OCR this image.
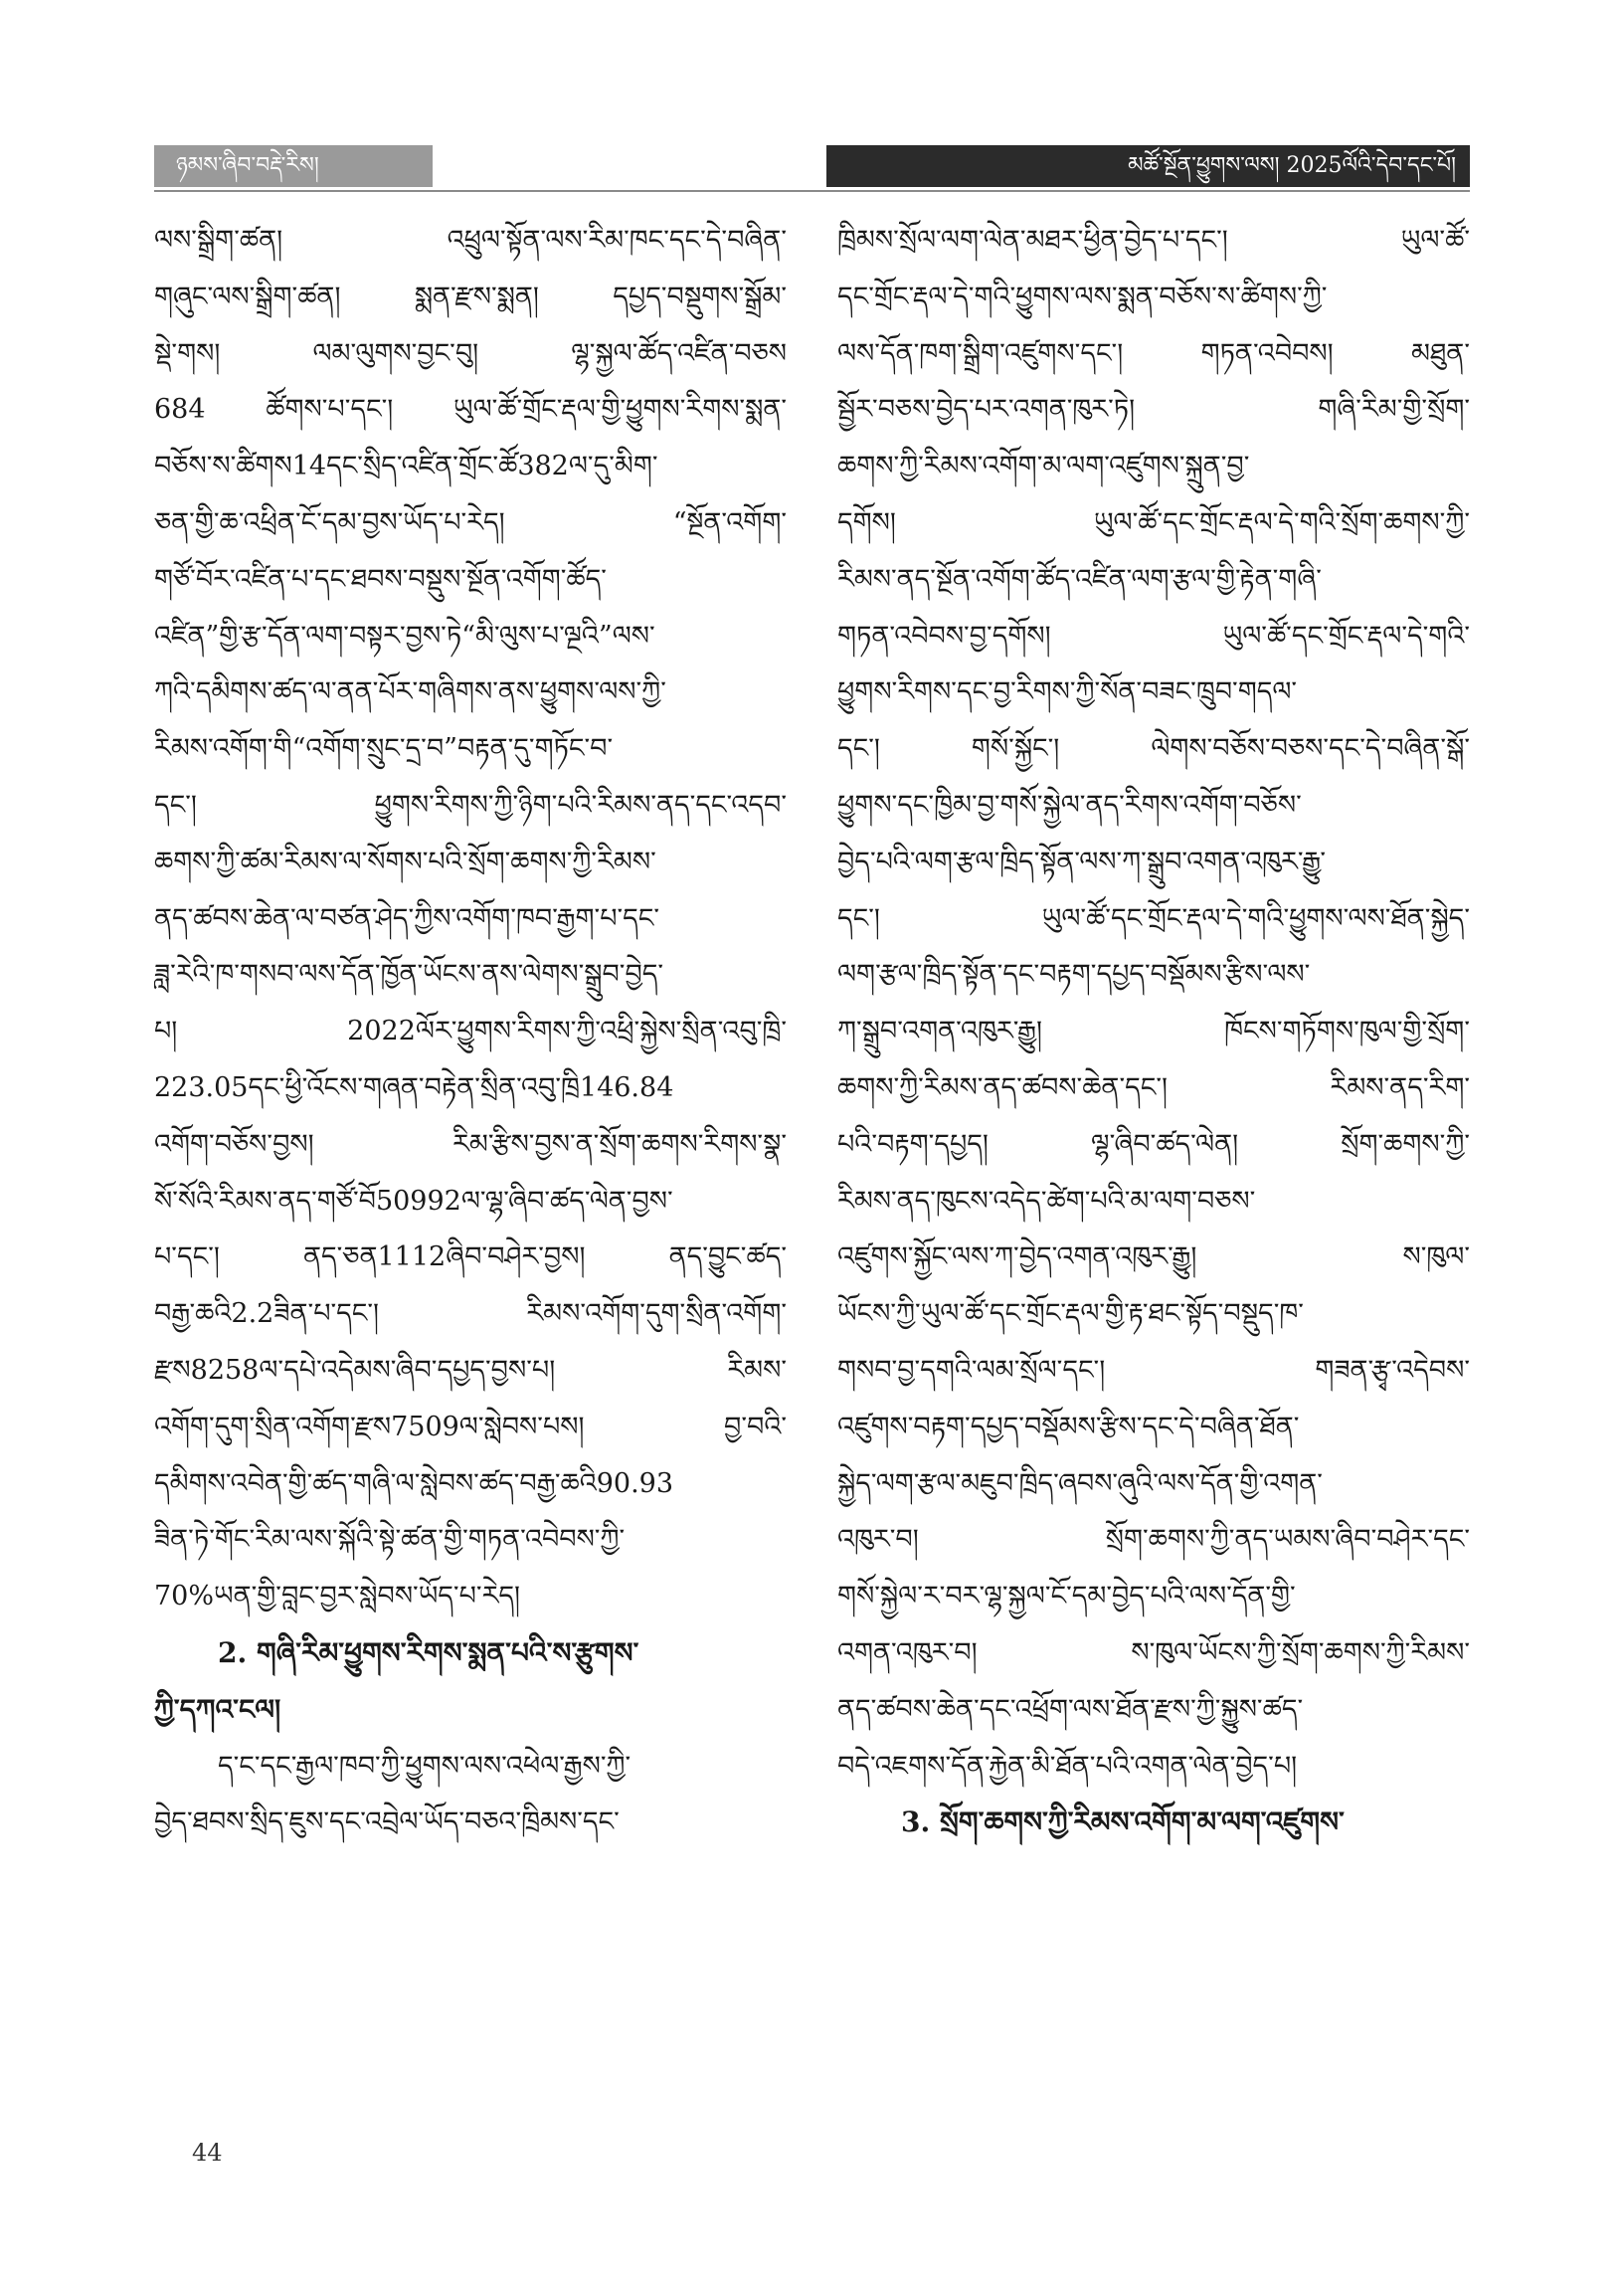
ཉམས་ཞིབ་བརྡེ་རིས།	མཚོ་སྔོན་ཕྱུགས་ལས། 2025ལོའི་དེབ་དང་པོ།
ལས་སྒྲིག་ཚན། འཕྲུལ་སྟོན་ལས་རིམ་ཁང་དང་དེ་བཞིན་
གཞུང་ལས་སྒྲིག་ཚན། སྨན་རྫས་སྨན། དཔྱད་བསྡུགས་སྒྲོམ་
སྡེ་གས། ལམ་ལུགས་བྱང་བུ། ལྷ་སྐྱལ་ཚོད་འཛིན་བཅས
684 ཚོགས་པ་དང་། ཡུལ་ཚོ་གྲོང་རྡལ་གྱི་ཕྱུགས་རིགས་སྨན་
བཅོས་ས་ཚིགས14དང་སྲིད་འཛིན་གྲོང་ཚོ382ལ་དུ་མིག་
ཅན་གྱི་ཆ་འཕྲིན་ངོ་དམ་བྱས་ཡོད་པ་རེད། “སྔོན་འགོག་
གཙོ་བོར་འཛིན་པ་དང་ཐབས་བསྡུས་སྔོན་འགོག་ཚོད་
འཛིན”གྱི་རྩ་དོན་ལག་བསྟར་བྱས་ཏེ“མི་ལུས་པ་ལྔའི”ལས་
ཀའི་དམིགས་ཚད་ལ་ནན་པོར་གཞིགས་ནས་ཕྱུགས་ལས་ཀྱི་
རིམས་འགོག་གི“འགོག་སྲུང་དྲ་བ”བརྟན་དུ་གཏོང་བ་
དང་། ཕྱུགས་རིགས་ཀྱི་ཉིག་པའི་རིམས་ནད་དང་འདབ་
ཆགས་ཀྱི་ཚམ་རིམས་ལ་སོགས་པའི་སྲོག་ཆགས་ཀྱི་རིམས་
ནད་ཚབས་ཆེན་ལ་བཙན་ཤེད་ཀྱིས་འགོག་ཁབ་རྒྱག་པ་དང་
ཟླ་རེའི་ཁ་གསབ་ལས་དོན་ཁྱོན་ཡོངས་ནས་ལེགས་སྒྲུབ་བྱེད་
པ། 2022ལོར་ཕྱུགས་རིགས་ཀྱི་འཕྲི་སྐྱེས་སྲིན་འབུ་ཁྲི་
223.05དང་ཕྱི་འོངས་གཞན་བརྟེན་སྲིན་འབུ་ཁྲི146.84
འགོག་བཅོས་བྱས། རིམ་རྩིས་བྱས་ན་སྲོག་ཆགས་རིགས་སྣ་
སོ་སོའི་རིམས་ནད་གཙོ་བོ50992ལ་ལྷ་ཞིབ་ཚད་ལེན་བྱས་
པ་དང་། ནད་ཅན1112ཞིབ་བཤེར་བྱས། ནད་བྱུང་ཚད་
བརྒྱ་ཆའི2.2ཟིན་པ་དང་། རིམས་འགོག་དུག་སྲིན་འགོག་
རྫས8258ལ་དཔེ་འདེམས་ཞིབ་དཔྱད་བྱས་པ། རིམས་
འགོག་དུག་སྲིན་འགོག་རྫས7509ལ་སླེབས་པས། བྱ་བའི་
དམིགས་འབེན་གྱི་ཚད་གཞི་ལ་སླེབས་ཚད་བརྒྱ་ཆའི90.93
ཟིན་ཏེ་གོང་རིམ་ལས་སྐོའི་སྟེ་ཚན་གྱི་གཏན་འབེབས་ཀྱི་
70%ཡན་གྱི་བླང་བྱར་སླེབས་ཡོད་པ་རེད།
2. གཞི་རིམ་ཕྱུགས་རིགས་སྨན་པའི་ས་རྩུགས་
ཀྱི་དཀའ་ངལ།
ད་ང་དང་རྒྱལ་ཁབ་ཀྱི་ཕྱུགས་ལས་འཕེལ་རྒྱས་ཀྱི་
བྱེད་ཐབས་སྲིད་ཇུས་དང་འབྲེལ་ཡོད་བཅའ་ཁྲིམས་དང་
ཁྲིམས་སྲོལ་ལག་ལེན་མཐར་ཕྱིན་བྱེད་པ་དང་། ཡུལ་ཚོ་
དང་གྲོང་རྡལ་དེ་གའི་ཕྱུགས་ལས་སྨན་བཅོས་ས་ཚིགས་ཀྱི་
ལས་དོན་ཁག་སྒྲིག་འཛུགས་དང་། གཏན་འབེབས། མཐུན་
སྦྱོར་བཅས་བྱེད་པར་འགན་ཁུར་ཏེ། གཞི་རིམ་གྱི་སྲོག་
ཆགས་ཀྱི་རིམས་འགོག་མ་ལག་འཛུགས་སྐྲུན་བྱ་
དགོས། ཡུལ་ཚོ་དང་གྲོང་རྡལ་དེ་གའི་སྲོག་ཆགས་ཀྱི་
རིམས་ནད་སྔོན་འགོག་ཚོད་འཛིན་ལག་རྩལ་གྱི་རྟེན་གཞི་
གཏན་འབེབས་བྱ་དགོས། ཡུལ་ཚོ་དང་གྲོང་རྡལ་དེ་གའི་
ཕྱུགས་རིགས་དང་བྱ་རིགས་ཀྱི་སོན་བཟང་ཁྲུབ་གདལ་
དང་། གསོ་སྐྱོང་། ལེགས་བཅོས་བཅས་དང་དེ་བཞིན་སྒོ་
ཕྱུགས་དང་ཁྱིམ་བྱ་གསོ་སྐྱེལ་ནད་རིགས་འགོག་བཅོས་
བྱེད་པའི་ལག་རྩལ་ཁྲིད་སྟོན་ལས་ཀ་སྒྲུབ་འགན་འཁུར་རྒྱུ་
དང་། ཡུལ་ཚོ་དང་གྲོང་རྡལ་དེ་གའི་ཕྱུགས་ལས་ཐོན་སྐྱེད་
ལག་རྩལ་ཁྲིད་སྟོན་དང་བརྟག་དཔྱད་བསྡོམས་རྩིས་ལས་
ཀ་སྒྲུབ་འགན་འཁུར་རྒྱུ། ཁོངས་གཏོགས་ཁུལ་གྱི་སྲོག་
ཆགས་ཀྱི་རིམས་ནད་ཚབས་ཆེན་དང་། རིམས་ནད་རིག་
པའི་བརྟག་དཔྱད། ལྷ་ཞིབ་ཚད་ལེན། སྲོག་ཆགས་ཀྱི་
རིམས་ནད་ཁུངས་འདེད་ཚེག་པའི་མ་ལག་བཅས་
འཛུགས་སྐྱོང་ལས་ཀ་བྱེད་འགན་འཁུར་རྒྱུ། ས་ཁུལ་
ཡོངས་ཀྱི་ཡུལ་ཚོ་དང་གྲོང་རྡལ་གྱི་རྟ་ཐང་སྟོད་བསྡུད་ཁ་
གསབ་བྱ་དགའི་ལམ་སྲོལ་དང་། གཟན་རྩྭ་འདེབས་
འཛུགས་བརྟག་དཔྱད་བསྡོམས་རྩིས་དང་དེ་བཞིན་ཐོན་
སྐྱེད་ལག་རྩལ་མཇུབ་ཁྲིད་ཞབས་ཞུའི་ལས་དོན་གྱི་འགན་
འཁུར་བ། སྲོག་ཆགས་ཀྱི་ནད་ཡམས་ཞིབ་བཤེར་དང་
གསོ་སྐྱེལ་ར་བར་ལྷ་སྐྱལ་ངོ་དམ་བྱེད་པའི་ལས་དོན་གྱི་
འགན་འཁུར་བ། ས་ཁུལ་ཡོངས་ཀྱི་སྲོག་ཆགས་ཀྱི་རིམས་
ནད་ཚབས་ཆེན་དང་འཕྲོག་ལས་ཐོན་རྫས་ཀྱི་སྐྱུས་ཚད་
བདེ་འཇགས་དོན་རྐྱེན་མི་ཐོན་པའི་འགན་ལེན་བྱེད་པ།
3. སྲོག་ཆགས་ཀྱི་རིམས་འགོག་མ་ལག་འཛུགས་
44
